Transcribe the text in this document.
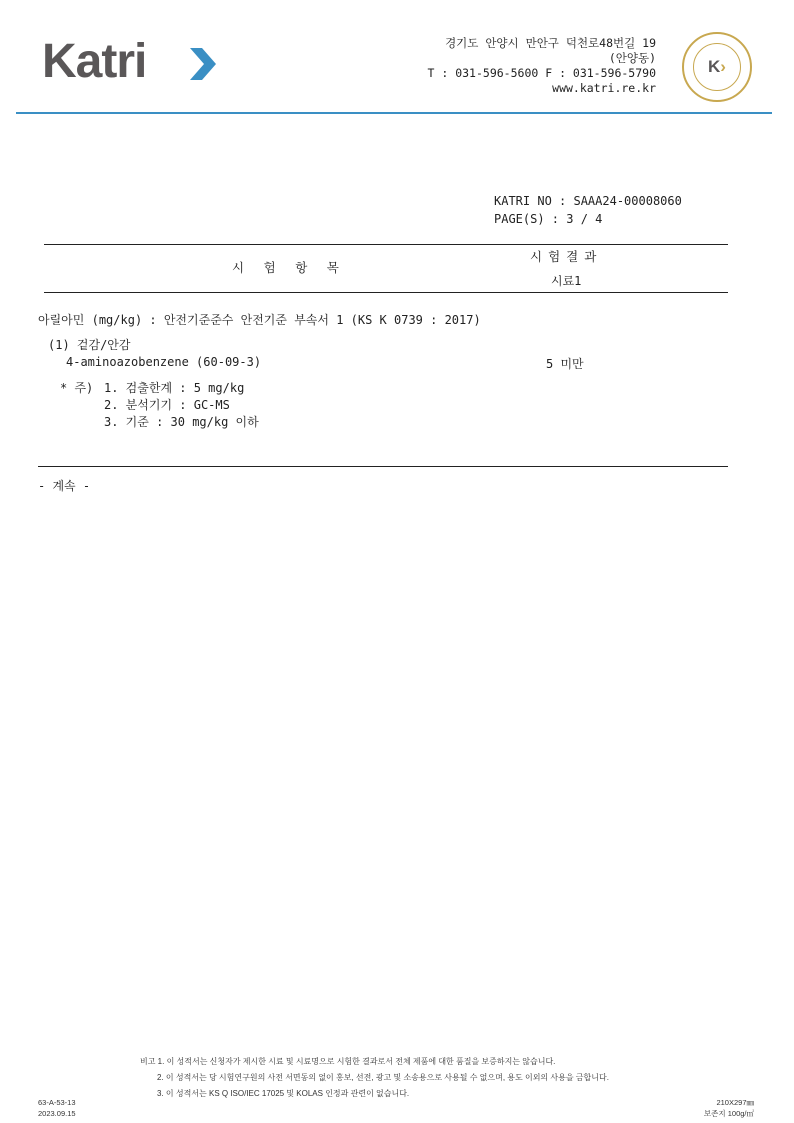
Katri	경기도 안양시 만안구 덕천로48번길 19
(안양동)
T : 031-596-5600 F : 031-596-5790
www.katri.re.kr
K›
KATRI NO : SAAA24-00008060
PAGE(S) : 3 / 4
시 험 항 목
시험결과
시료1
아릴아민 (mg/kg) : 안전기준준수 안전기준 부속서 1 (KS K 0739 : 2017)
(1) 겉감/안감
4-aminoazobenzene (60-09-3)	5 미만
* 주) 1. 검출한계 : 5 mg/kg
2. 분석기기 : GC-MS
3. 기준 : 30 mg/kg 이하
- 계속 -
비고 1. 이 성적서는 신청자가 제시한 시료 및 시료명으로 시험한 결과로서 전체 제품에 대한 품질을 보증하지는 않습니다.
2. 이 성적서는 당 시험연구원의 사전 서면동의 없이 홍보, 선전, 광고 및 소송용으로 사용될 수 없으며, 용도 이외의 사용을 금합니다.
3. 이 성적서는 KS Q ISO/IEC 17025 및 KOLAS 인정과 관련이 없습니다.
63-A-53-13
2023.09.15
210X297㎜
보존지 100g/㎡
